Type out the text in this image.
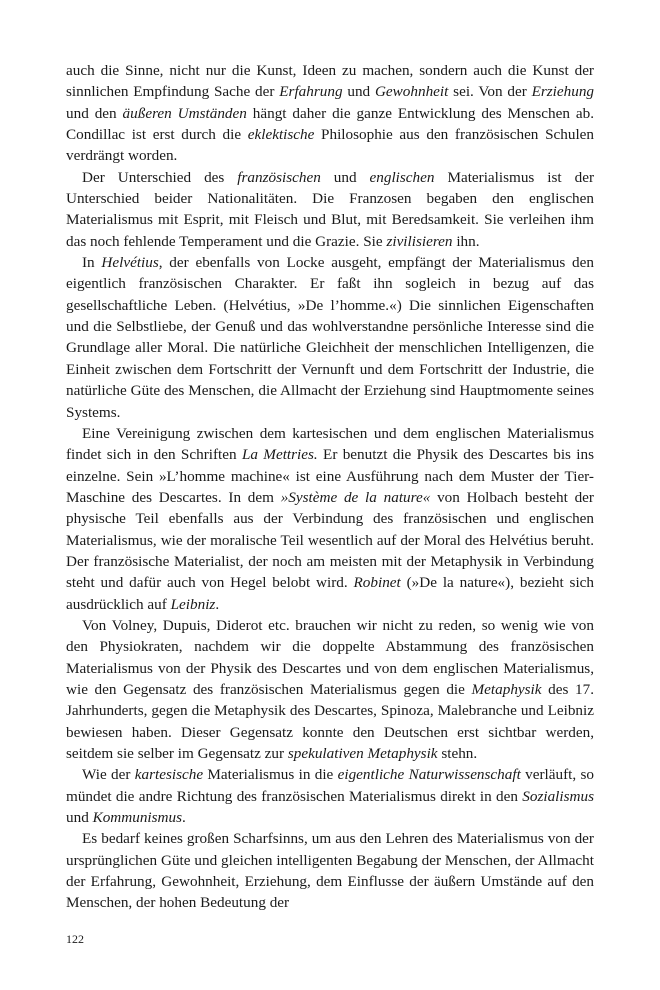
auch die Sinne, nicht nur die Kunst, Ideen zu machen, sondern auch die Kunst der sinnlichen Empfindung Sache der Erfahrung und Gewohnheit sei. Von der Erziehung und den äußeren Umständen hängt daher die ganze Entwicklung des Menschen ab. Condillac ist erst durch die eklektische Philosophie aus den französischen Schulen verdrängt worden.

Der Unterschied des französischen und englischen Materialismus ist der Unterschied beider Nationalitäten. Die Franzosen begaben den englischen Materialismus mit Esprit, mit Fleisch und Blut, mit Beredsamkeit. Sie verleihen ihm das noch fehlende Temperament und die Grazie. Sie zivilisieren ihn.

In Helvétius, der ebenfalls von Locke ausgeht, empfängt der Materialismus den eigentlich französischen Charakter. Er faßt ihn sogleich in bezug auf das gesellschaftliche Leben. (Helvétius, »De l’homme.«) Die sinnlichen Eigenschaften und die Selbstliebe, der Genuß und das wohlverstandne persönliche Interesse sind die Grundlage aller Moral. Die natürliche Gleichheit der menschlichen Intelligenzen, die Einheit zwischen dem Fortschritt der Vernunft und dem Fortschritt der Industrie, die natürliche Güte des Menschen, die Allmacht der Erziehung sind Hauptmomente seines Systems.

Eine Vereinigung zwischen dem kartesischen und dem englischen Materialismus findet sich in den Schriften La Mettries. Er benutzt die Physik des Descartes bis ins einzelne. Sein »L’homme machine« ist eine Ausführung nach dem Muster der Tier-Maschine des Descartes. In dem »Système de la nature« von Holbach besteht der physische Teil ebenfalls aus der Verbindung des französischen und englischen Materialismus, wie der moralische Teil wesentlich auf der Moral des Helvétius beruht. Der französische Materialist, der noch am meisten mit der Metaphysik in Verbindung steht und dafür auch von Hegel belobt wird. Robinet (»De la nature«), bezieht sich ausdrücklich auf Leibniz.

Von Volney, Dupuis, Diderot etc. brauchen wir nicht zu reden, so wenig wie von den Physiokraten, nachdem wir die doppelte Abstammung des französischen Materialismus von der Physik des Descartes und von dem englischen Materialismus, wie den Gegensatz des französischen Materialismus gegen die Metaphysik des 17. Jahrhunderts, gegen die Metaphysik des Descartes, Spinoza, Malebranche und Leibniz bewiesen haben. Dieser Gegensatz konnte den Deutschen erst sichtbar werden, seitdem sie selber im Gegensatz zur spekulativen Metaphysik stehn.

Wie der kartesische Materialismus in die eigentliche Naturwissenschaft verläuft, so mündet die andre Richtung des französischen Materialismus direkt in den Sozialismus und Kommunismus.

Es bedarf keines großen Scharfsinns, um aus den Lehren des Materialismus von der ursprünglichen Güte und gleichen intelligenten Begabung der Menschen, der Allmacht der Erfahrung, Gewohnheit, Erziehung, dem Einflusse der äußern Umstände auf den Menschen, der hohen Bedeutung der

122
